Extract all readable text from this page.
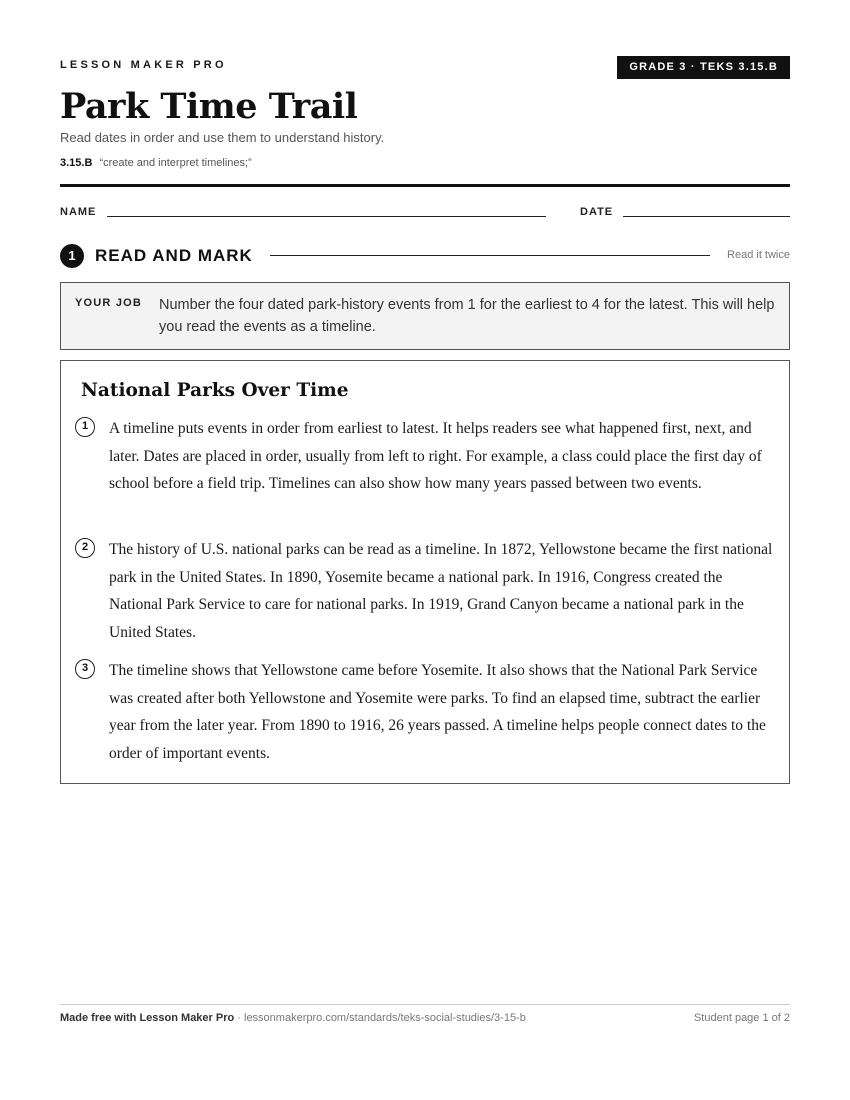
LESSON MAKER PRO	GRADE 3 · TEKS 3.15.B
Park Time Trail
Read dates in order and use them to understand history.
3.15.B “create and interpret timelines;”
NAME	DATE
1	READ AND MARK	Read it twice
YOUR JOB Number the four dated park-history events from 1 for the earliest to 4 for the latest. This will help you read the events as a timeline.
National Parks Over Time
1	A timeline puts events in order from earliest to latest. It helps readers see what happened first, next, and later. Dates are placed in order, usually from left to right. For example, a class could place the first day of school before a field trip. Timelines can also show how many years passed between two events.
2	The history of U.S. national parks can be read as a timeline. In 1872, Yellowstone became the first national park in the United States. In 1890, Yosemite became a national park. In 1916, Congress created the National Park Service to care for national parks. In 1919, Grand Canyon became a national park in the United States.
3	The timeline shows that Yellowstone came before Yosemite. It also shows that the National Park Service was created after both Yellowstone and Yosemite were parks. To find an elapsed time, subtract the earlier year from the later year. From 1890 to 1916, 26 years passed. A timeline helps people connect dates to the order of important events.
Made free with Lesson Maker Pro · lessonmakerpro.com/standards/teks-social-studies/3-15-b	Student page 1 of 2
